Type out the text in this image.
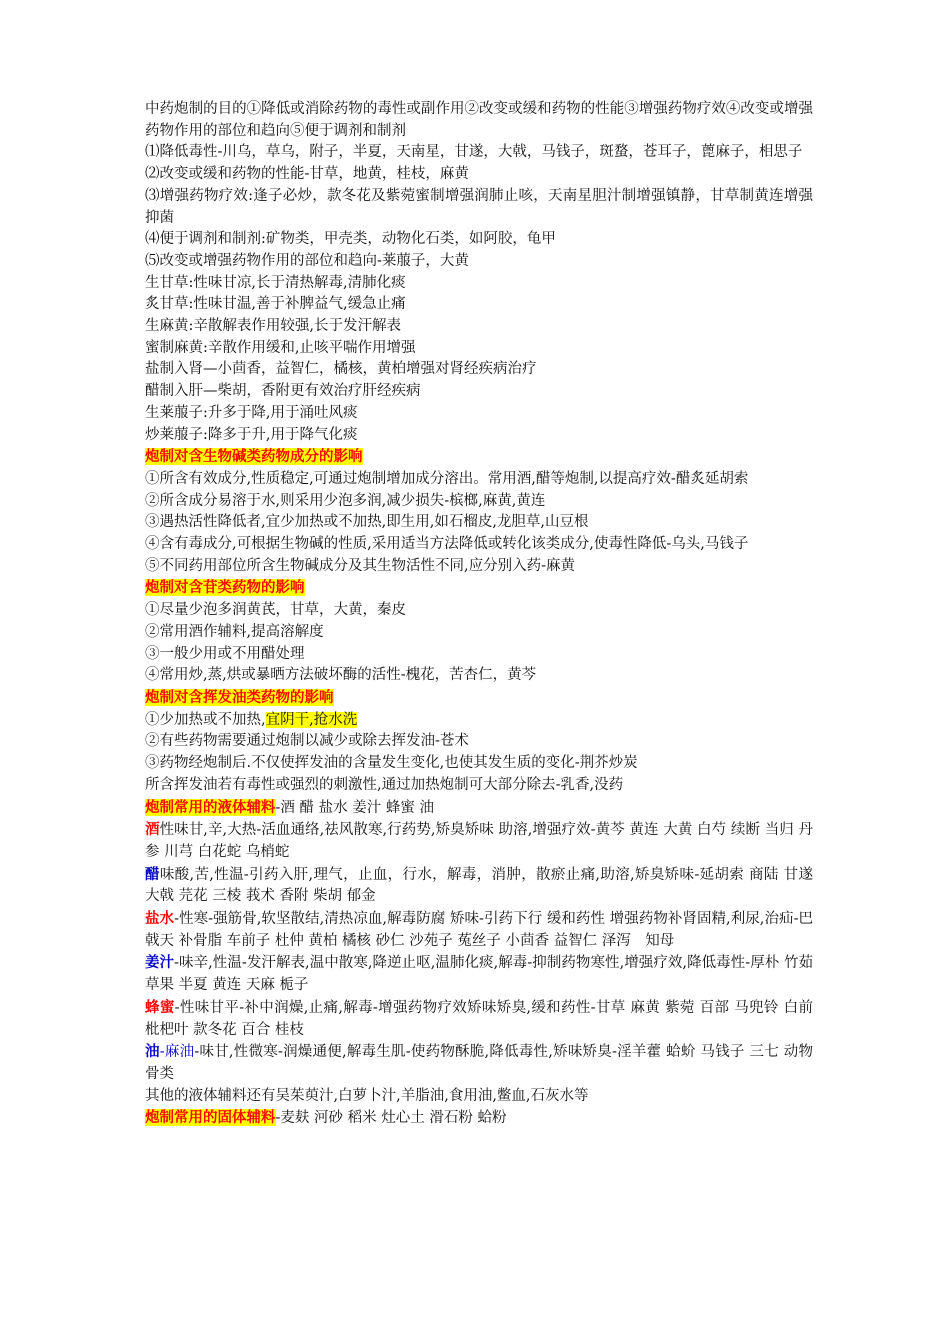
中药炮制的目的①降低或消除药物的毒性或副作用②改变或缓和药物的性能③增强药物疗效④改变或增强药物作用的部位和趋向⑤便于调剂和制剂

⑴降低毒性-川乌，草乌，附子，半夏，天南星，甘遂，大戟，马钱子，斑蝥，苍耳子，蓖麻子，相思子

⑵改变或缓和药物的性能-甘草，地黄，桂枝，麻黄

⑶增强药物疗效:逢子必炒，款冬花及紫菀蜜制增强润肺止咳，天南星胆汁制增强镇静，甘草制黄连增强抑菌

⑷便于调剂和制剂:矿物类，甲壳类，动物化石类，如阿胶，龟甲

⑸改变或增强药物作用的部位和趋向-莱菔子，大黄

生甘草:性味甘凉,长于清热解毒,清肺化痰

炙甘草:性味甘温,善于补脾益气,缓急止痛

生麻黄:辛散解表作用较强,长于发汗解表

蜜制麻黄:辛散作用缓和,止咳平喘作用增强

盐制入肾—小茴香，益智仁，橘核，黄柏增强对肾经疾病治疗

醋制入肝—柴胡，香附更有效治疗肝经疾病

生莱菔子:升多于降,用于涌吐风痰

炒莱菔子:降多于升,用于降气化痰

炮制对含生物碱类药物成分的影响

①所含有效成分,性质稳定,可通过炮制增加成分溶出。常用酒,醋等炮制,以提高疗效-醋炙延胡索

②所含成分易溶于水,则采用少泡多润,减少损失-槟榔,麻黄,黄连

③遇热活性降低者,宜少加热或不加热,即生用,如石榴皮,龙胆草,山豆根

④含有毒成分,可根据生物碱的性质,采用适当方法降低或转化该类成分,使毒性降低-乌头,马钱子

⑤不同药用部位所含生物碱成分及其生物活性不同,应分别入药-麻黄

炮制对含苷类药物的影响

①尽量少泡多润黄芪，甘草，大黄，秦皮

②常用酒作辅料,提高溶解度

③一般少用或不用醋处理

④常用炒,蒸,烘或暴晒方法破坏酶的活性-槐花，苦杏仁，黄芩

炮制对含挥发油类药物的影响

①少加热或不加热,宜阴干,抢水洗

②有些药物需要通过炮制以减少或除去挥发油-苍术

③药物经炮制后.不仅使挥发油的含量发生变化,也使其发生质的变化-荆芥炒炭

所含挥发油若有毒性或强烈的刺激性,通过加热炮制可大部分除去-乳香,没药

炮制常用的液体辅料-酒 醋 盐水 姜汁 蜂蜜 油

酒性味甘,辛,大热-活血通络,祛风散寒,行药势,矫臭矫味 助溶,增强疗效-黄芩 黄连 大黄 白芍 续断 当归 丹参 川芎 白花蛇 乌梢蛇

醋味酸,苦,性温-引药入肝,理气，止血，行水，解毒，消肿，散瘀止痛,助溶,矫臭矫味-延胡索 商陆 甘遂 大戟 芫花 三棱 莪术 香附 柴胡 郁金

盐水-性寒-强筋骨,软坚散结,清热凉血,解毒防腐 矫味-引药下行 缓和药性 增强药物补肾固精,利尿,治疝-巴戟天 补骨脂 车前子 杜仲 黄柏 橘核 砂仁 沙苑子 菟丝子 小茴香 益智仁 泽泻　知母

姜汁-味辛,性温-发汗解表,温中散寒,降逆止呕,温肺化痰,解毒-抑制药物寒性,增强疗效,降低毒性-厚朴 竹茹 草果 半夏 黄连 天麻 栀子

蜂蜜-性味甘平-补中润燥,止痛,解毒-增强药物疗效矫味矫臭,缓和药性-甘草 麻黄 紫菀 百部 马兜铃 白前 枇杷叶 款冬花 百合 桂枝

油-麻油-味甘,性微寒-润燥通便,解毒生肌-使药物酥脆,降低毒性,矫味矫臭-淫羊藿 蛤蚧 马钱子 三七 动物骨类

其他的液体辅料还有吴茱萸汁,白萝卜汁,羊脂油,食用油,鳖血,石灰水等

炮制常用的固体辅料-麦麸 河砂 稻米 灶心土 滑石粉 蛤粉
